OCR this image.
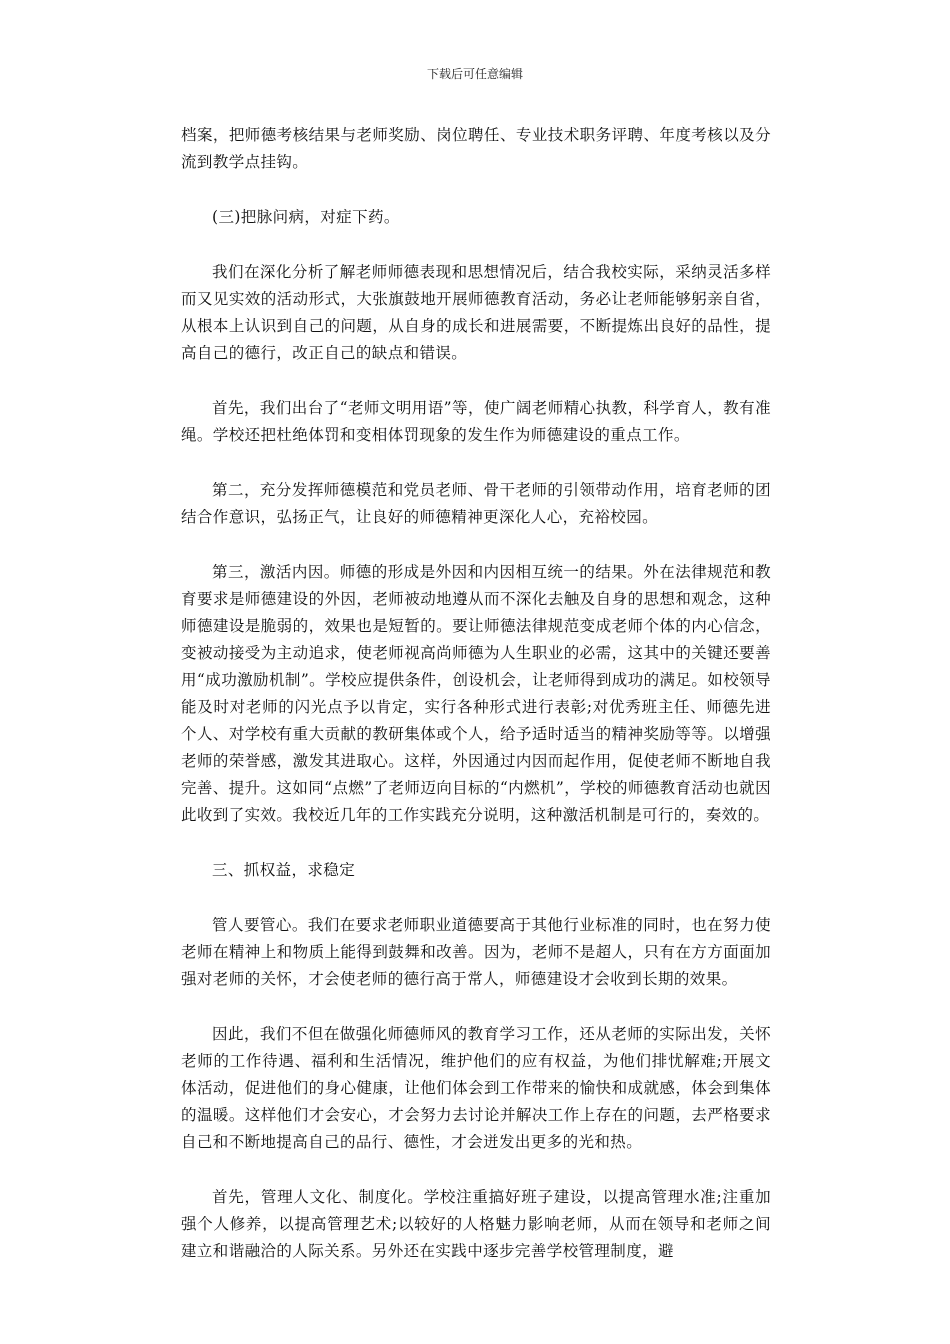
下载后可任意编辑

档案，把师德考核结果与老师奖励、岗位聘任、专业技术职务评聘、年度考核以及分流到教学点挂钩。

(三)把脉问病，对症下药。

我们在深化分析了解老师师德表现和思想情况后，结合我校实际，采纳灵活多样而又见实效的活动形式，大张旗鼓地开展师德教育活动，务必让老师能够躬亲自省，从根本上认识到自己的问题，从自身的成长和进展需要，不断提炼出良好的品性，提高自己的德行，改正自己的缺点和错误。

首先，我们出台了“老师文明用语”等，使广阔老师精心执教，科学育人，教有准绳。学校还把杜绝体罚和变相体罚现象的发生作为师德建设的重点工作。

第二，充分发挥师德模范和党员老师、骨干老师的引领带动作用，培育老师的团结合作意识，弘扬正气，让良好的师德精神更深化人心，充裕校园。

第三，激活内因。师德的形成是外因和内因相互统一的结果。外在法律规范和教育要求是师德建设的外因，老师被动地遵从而不深化去触及自身的思想和观念，这种师德建设是脆弱的，效果也是短暂的。要让师德法律规范变成老师个体的内心信念，变被动接受为主动追求，使老师视高尚师德为人生职业的必需，这其中的关键还要善用“成功激励机制”。学校应提供条件，创设机会，让老师得到成功的满足。如校领导能及时对老师的闪光点予以肯定，实行各种形式进行表彰;对优秀班主任、师德先进个人、对学校有重大贡献的教研集体或个人，给予适时适当的精神奖励等等。以增强老师的荣誉感，激发其进取心。这样，外因通过内因而起作用，促使老师不断地自我完善、提升。这如同“点燃”了老师迈向目标的“内燃机”，学校的师德教育活动也就因此收到了实效。我校近几年的工作实践充分说明，这种激活机制是可行的，奏效的。

三、抓权益，求稳定

管人要管心。我们在要求老师职业道德要高于其他行业标准的同时，也在努力使老师在精神上和物质上能得到鼓舞和改善。因为，老师不是超人，只有在方方面面加强对老师的关怀，才会使老师的德行高于常人，师德建设才会收到长期的效果。

因此，我们不但在做强化师德师风的教育学习工作，还从老师的实际出发，关怀老师的工作待遇、福利和生活情况，维护他们的应有权益，为他们排忧解难;开展文体活动，促进他们的身心健康，让他们体会到工作带来的愉快和成就感，体会到集体的温暖。这样他们才会安心，才会努力去讨论并解决工作上存在的问题，去严格要求自己和不断地提高自己的品行、德性，才会迸发出更多的光和热。

首先，管理人文化、制度化。学校注重搞好班子建设，以提高管理水准;注重加强个人修养，以提高管理艺术;以较好的人格魅力影响老师，从而在领导和老师之间建立和谐融洽的人际关系。另外还在实践中逐步完善学校管理制度，避
